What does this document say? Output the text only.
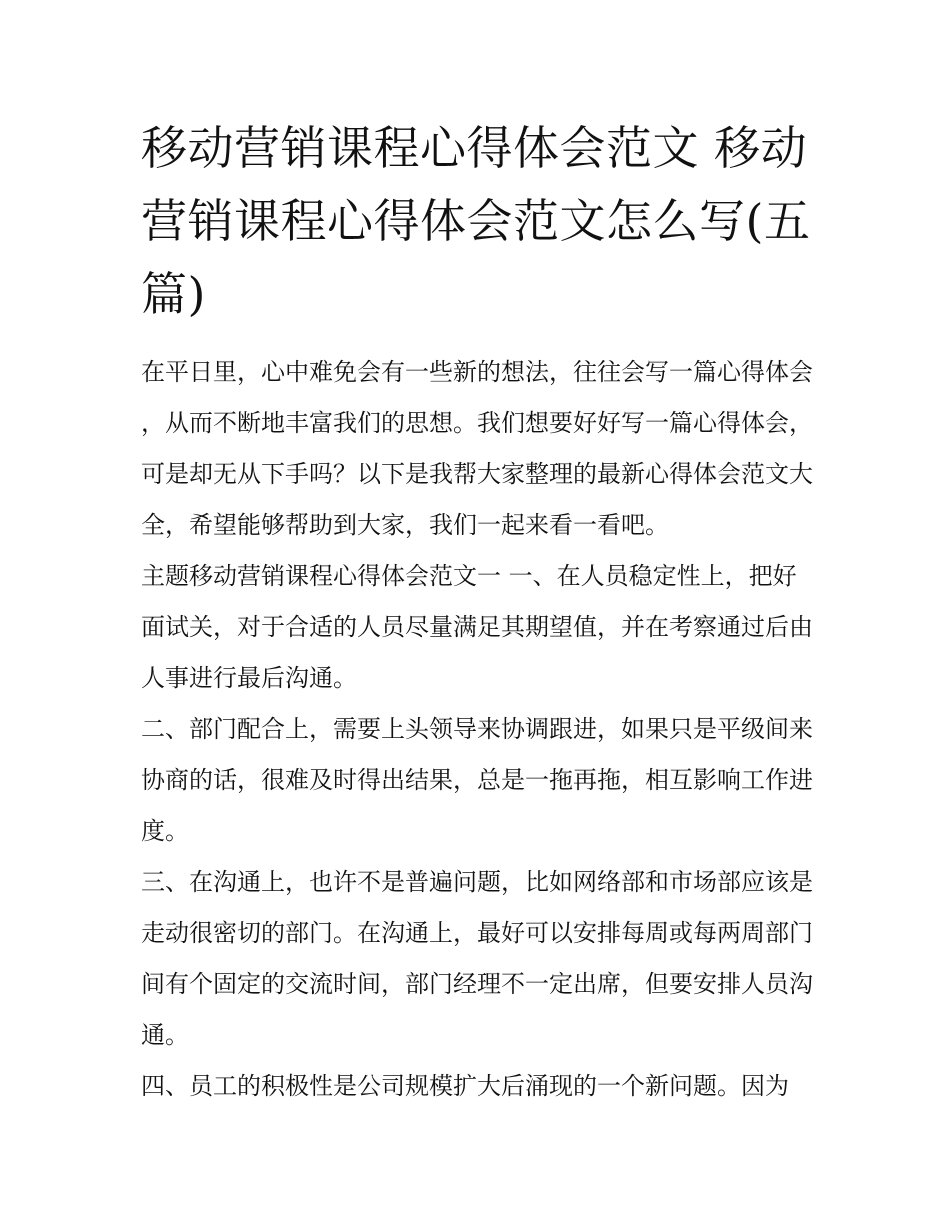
移动营销课程心得体会范文 移动营销课程心得体会范文怎么写(五篇)

在平日里，心中难免会有一些新的想法，往往会写一篇心得体会，从而不断地丰富我们的思想。我们想要好好写一篇心得体会，可是却无从下手吗？以下是我帮大家整理的最新心得体会范文大全，希望能够帮助到大家，我们一起来看一看吧。

主题移动营销课程心得体会范文一 一、在人员稳定性上，把好面试关，对于合适的人员尽量满足其期望值，并在考察通过后由人事进行最后沟通。

二、部门配合上，需要上头领导来协调跟进，如果只是平级间来协商的话，很难及时得出结果，总是一拖再拖，相互影响工作进度。

三、在沟通上，也许不是普遍问题，比如网络部和市场部应该是走动很密切的部门。在沟通上，最好可以安排每周或每两周部门间有个固定的交流时间，部门经理不一定出席，但要安排人员沟通。

四、员工的积极性是公司规模扩大后涌现的一个新问题。因为
